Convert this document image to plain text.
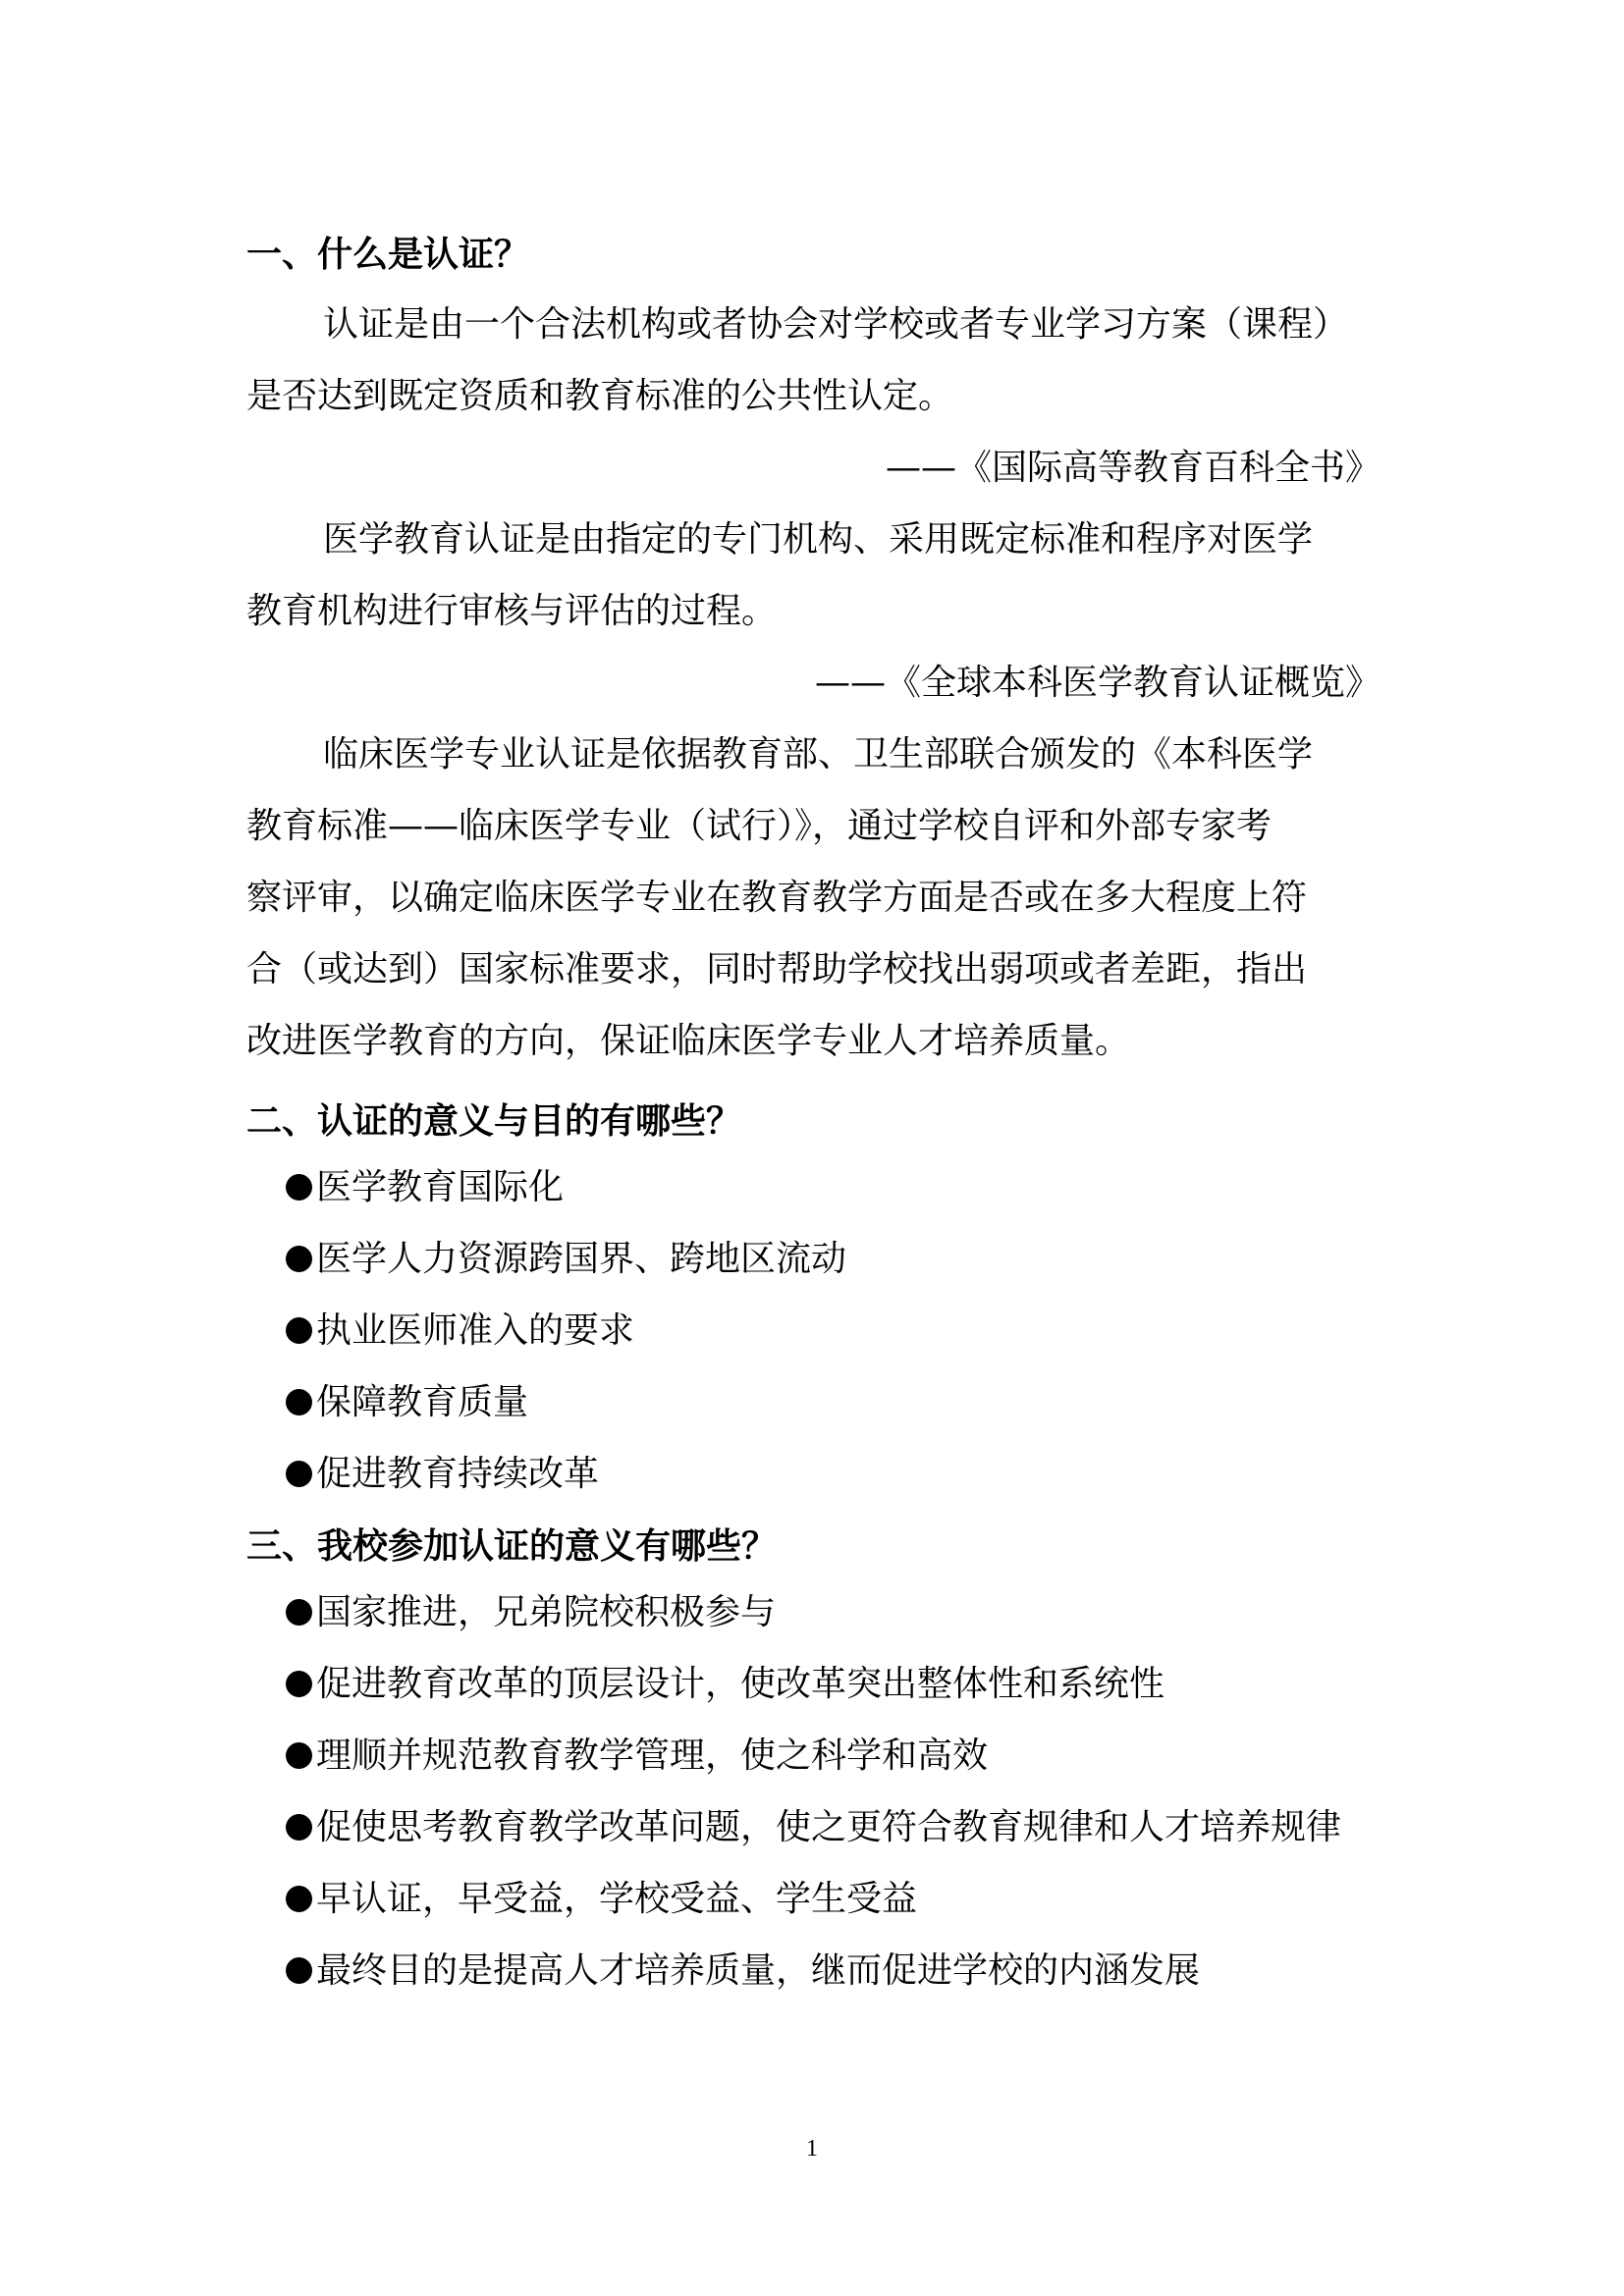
一、什么是认证？
认证是由一个合法机构或者协会对学校或者专业学习方案（课程）
是否达到既定资质和教育标准的公共性认定。
——《国际高等教育百科全书》
医学教育认证是由指定的专门机构、采用既定标准和程序对医学
教育机构进行审核与评估的过程。
——《全球本科医学教育认证概览》
临床医学专业认证是依据教育部、卫生部联合颁发的《本科医学
教育标准——临床医学专业（试行）》，通过学校自评和外部专家考
察评审，以确定临床医学专业在教育教学方面是否或在多大程度上符
合（或达到）国家标准要求，同时帮助学校找出弱项或者差距，指出
改进医学教育的方向，保证临床医学专业人才培养质量。
二、认证的意义与目的有哪些？
医学教育国际化
医学人力资源跨国界、跨地区流动
执业医师准入的要求
保障教育质量
促进教育持续改革
三、我校参加认证的意义有哪些？
国家推进，兄弟院校积极参与
促进教育改革的顶层设计，使改革突出整体性和系统性
理顺并规范教育教学管理，使之科学和高效
促使思考教育教学改革问题，使之更符合教育规律和人才培养规律
早认证，早受益，学校受益、学生受益
最终目的是提高人才培养质量，继而促进学校的内涵发展
1
